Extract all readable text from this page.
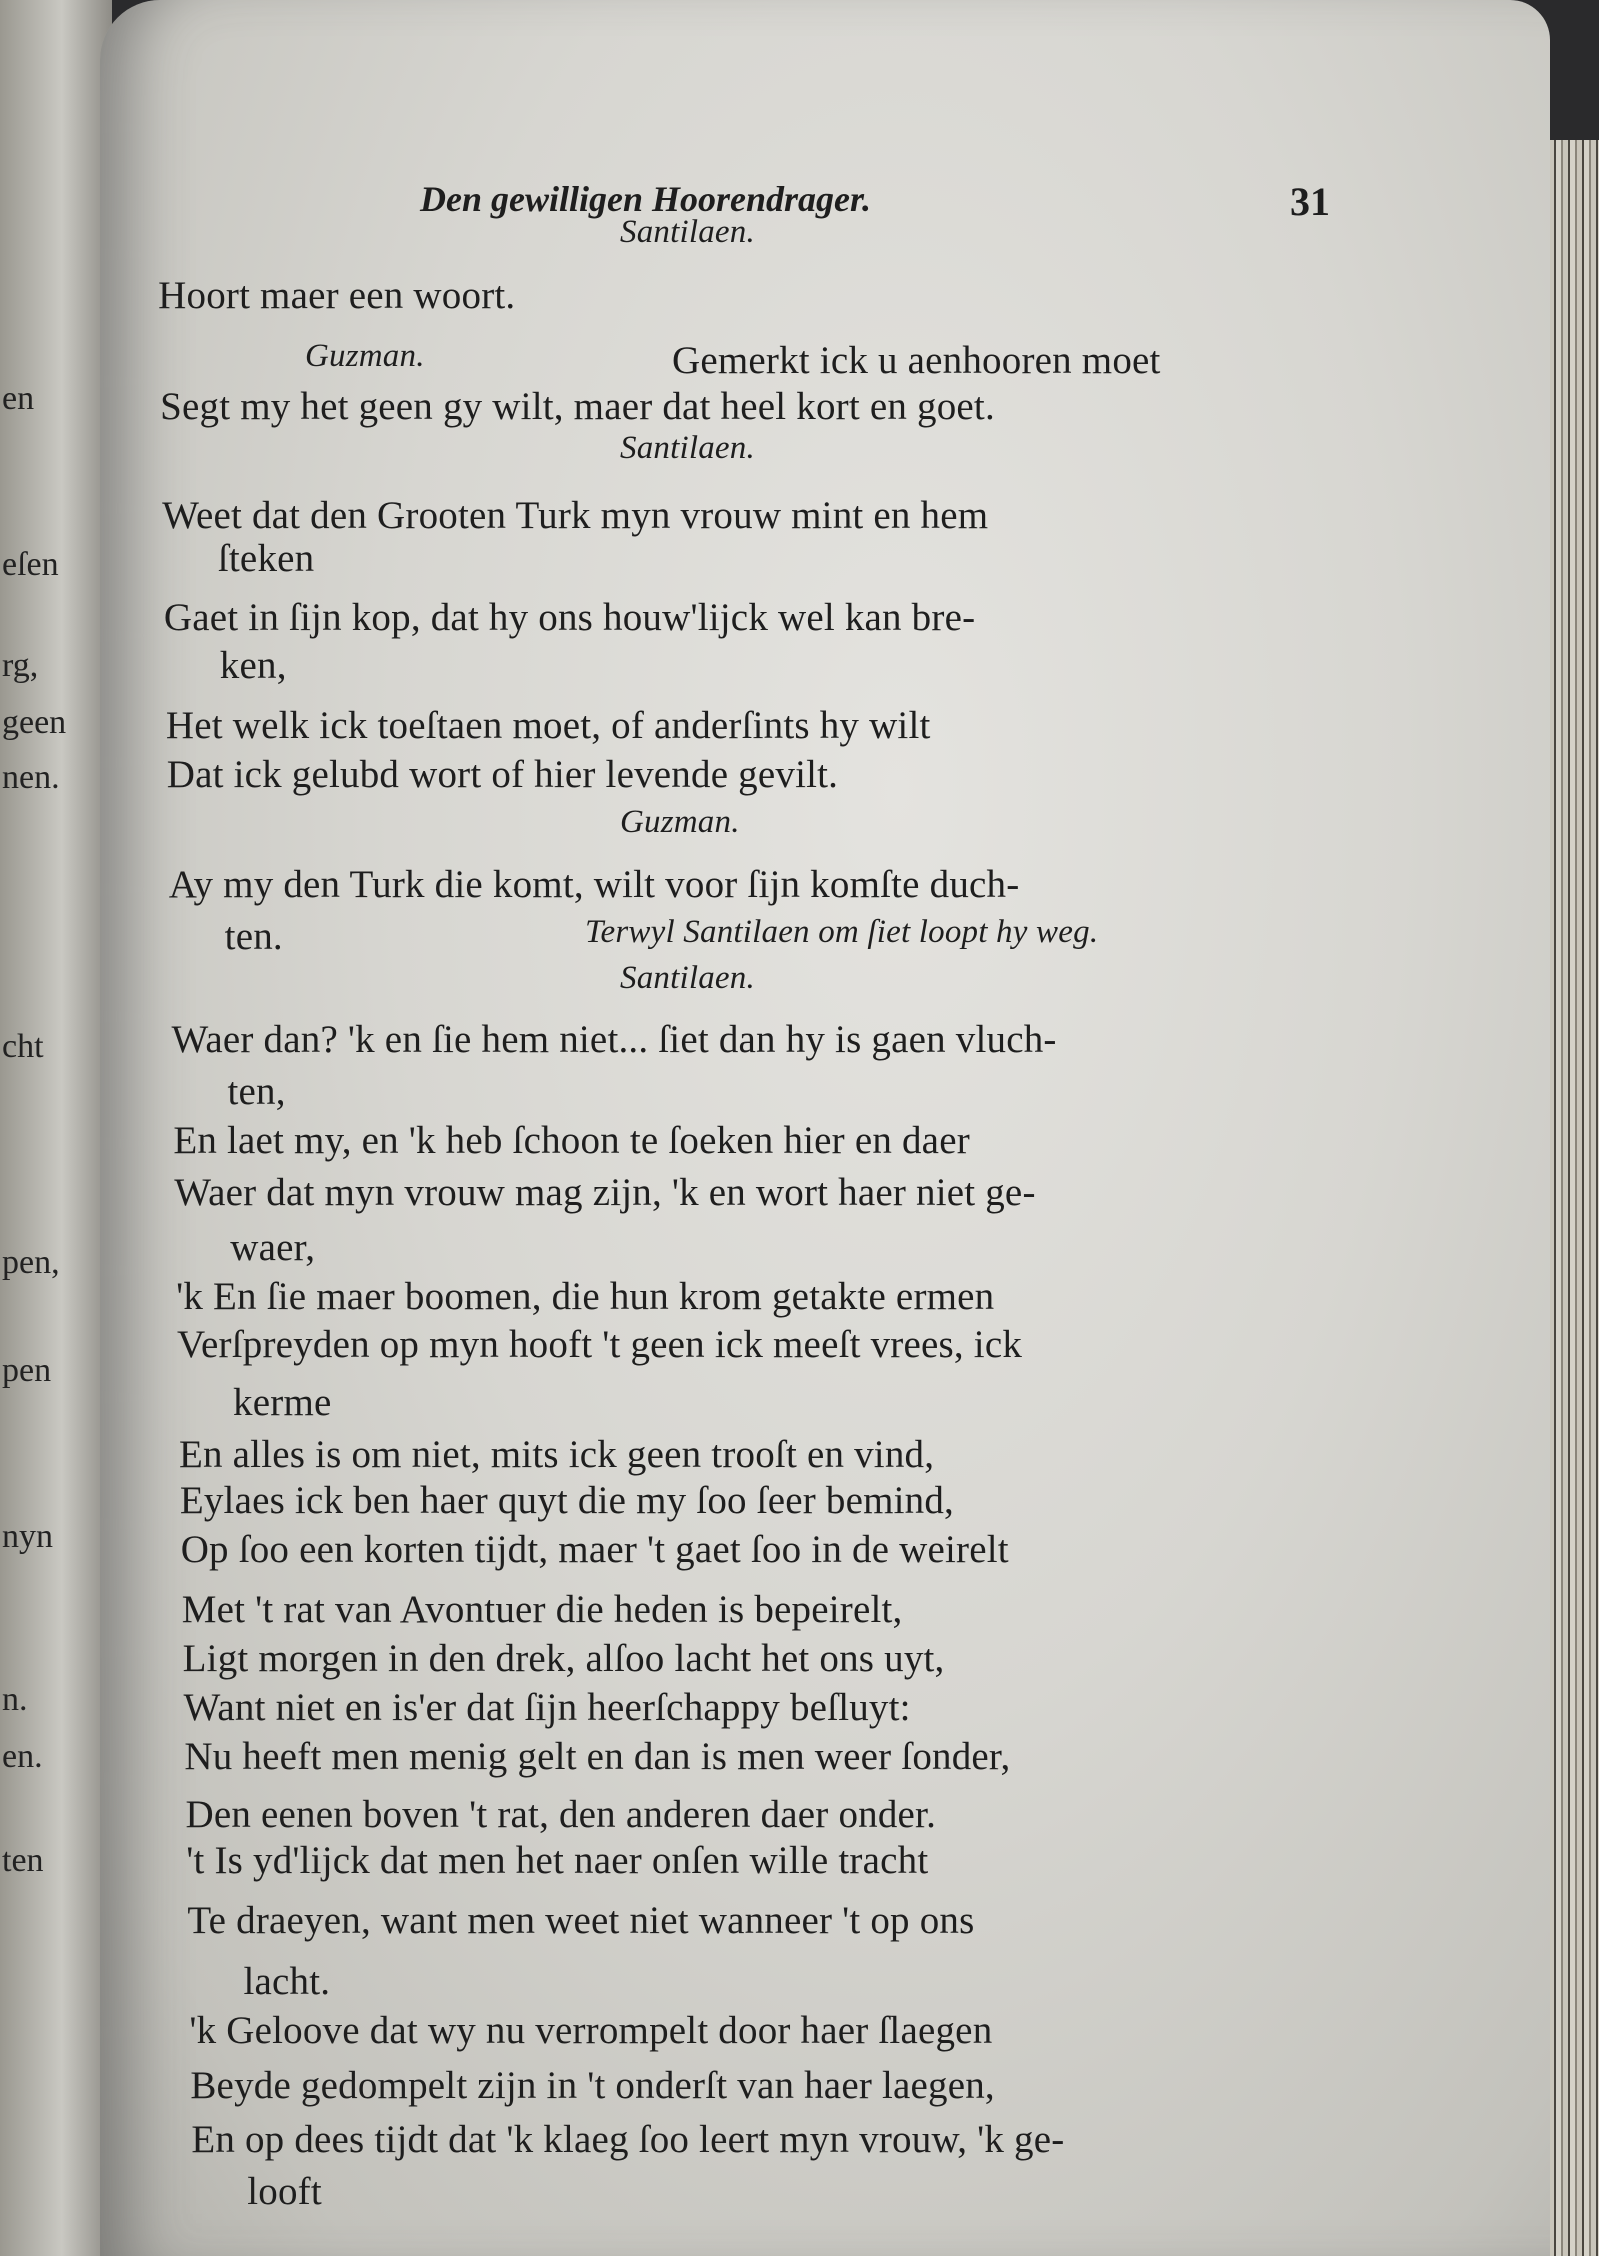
Den gewilligen Hoorendrager.	31
Santilaen.
Hoort maer een woort.
Guzman.	Gemerkt ick u aenhooren moet
Segt my het geen gy wilt, maer dat heel kort en goet.
Santilaen.
Weet dat den Grooten Turk myn vrouw mint en hem
ſteken
Gaet in ſijn kop, dat hy ons houw'lijck wel kan bre-
ken,
Het welk ick toeſtaen moet, of anderſints hy wilt
Dat ick gelubd wort of hier levende gevilt.
Guzman.
Ay my den Turk die komt, wilt voor ſijn komſte duch-
ten.	Terwyl Santilaen om ſiet loopt hy weg.
Santilaen.
Waer dan? 'k en ſie hem niet... ſiet dan hy is gaen vluch-
ten,
En laet my, en 'k heb ſchoon te ſoeken hier en daer
Waer dat myn vrouw mag zijn, 'k en wort haer niet ge-
waer,
'k En ſie maer boomen, die hun krom getakte ermen
Verſpreyden op myn hooft 't geen ick meeſt vrees, ick
kerme
En alles is om niet, mits ick geen trooſt en vind,
Eylaes ick ben haer quyt die my ſoo ſeer bemind,
Op ſoo een korten tijdt, maer 't gaet ſoo in de weirelt
Met 't rat van Avontuer die heden is bepeirelt,
Ligt morgen in den drek, alſoo lacht het ons uyt,
Want niet en is'er dat ſijn heerſchappy beſluyt:
Nu heeft men menig gelt en dan is men weer ſonder,
Den eenen boven 't rat, den anderen daer onder.
't Is yd'lijck dat men het naer onſen wille tracht
Te draeyen, want men weet niet wanneer 't op ons
lacht.
'k Geloove dat wy nu verrompelt door haer ſlaegen
Beyde gedompelt zijn in 't onderſt van haer laegen,
En op dees tijdt dat 'k klaeg ſoo leert myn vrouw, 'k ge-
looft
en
eſen
rg,
geen
nen.
cht
pen,
pen
nyn
n.
en.
ten
